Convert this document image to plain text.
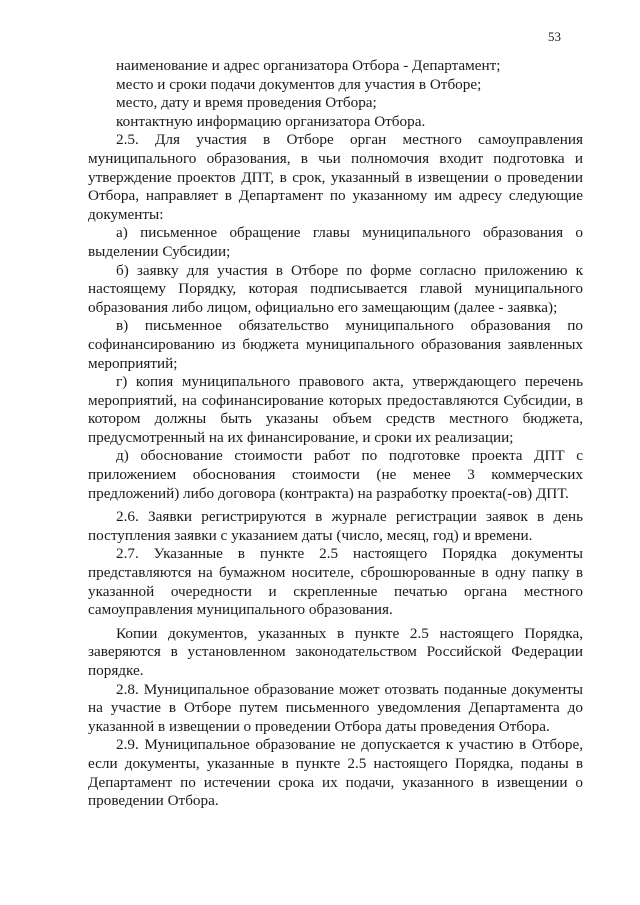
53

наименование и адрес организатора Отбора - Департамент;

место и сроки подачи документов для участия в Отборе;

место, дату и время проведения Отбора;

контактную информацию организатора Отбора.

2.5. Для участия в Отборе орган местного самоуправления муниципального образования, в чьи полномочия входит подготовка и утверждение проектов ДПТ, в срок, указанный в извещении о проведении Отбора, направляет в Департамент по указанному им адресу следующие документы:

а) письменное обращение главы муниципального образования о выделении Субсидии;

б) заявку для участия в Отборе по форме согласно приложению к настоящему Порядку, которая подписывается главой муниципального образования либо лицом, официально его замещающим (далее - заявка);

в) письменное обязательство муниципального образования по софинансированию из бюджета муниципального образования заявленных мероприятий;

г) копия муниципального правового акта, утверждающего перечень мероприятий, на софинансирование которых предоставляются Субсидии, в котором должны быть указаны объем средств местного бюджета, предусмотренный на их финансирование, и сроки их реализации;

д) обоснование стоимости работ по подготовке проекта ДПТ с приложением обоснования стоимости (не менее 3 коммерческих предложений) либо договора (контракта) на разработку проекта(-ов) ДПТ.

2.6. Заявки регистрируются в журнале регистрации заявок в день поступления заявки с указанием даты (число, месяц, год) и времени.

2.7. Указанные в пункте 2.5 настоящего Порядка документы представляются на бумажном носителе, сброшюрованные в одну папку в указанной очередности и скрепленные печатью органа местного самоуправления муниципального образования.

Копии документов, указанных в пункте 2.5 настоящего Порядка, заверяются в установленном законодательством Российской Федерации порядке.

2.8. Муниципальное образование может отозвать поданные документы на участие в Отборе путем письменного уведомления Департамента до указанной в извещении о проведении Отбора даты проведения Отбора.

2.9. Муниципальное образование не допускается к участию в Отборе, если документы, указанные в пункте 2.5 настоящего Порядка, поданы в Департамент по истечении срока их подачи, указанного в извещении о проведении Отбора.
